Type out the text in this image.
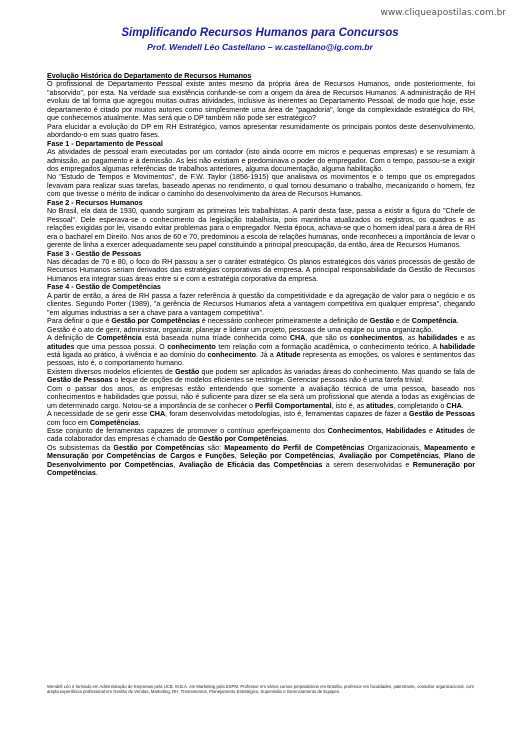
www.cliqueapostilas.com.br
Simplificando Recursos Humanos para Concursos
Prof. Wendell Léo Castellano – w.castellano@ig.com.br

Evolução Histórica do Departamento de Recursos Humanos

O profissional de Departamento Pessoal existe antes mesmo da própria área de Recursos Humanos, onde posteriormente, foi "absorvido", por esta. Na verdade sua existência confunde-se com a origem da área de Recursos Humanos. A administração de RH evoluiu de tal forma que agregou muitas outras atividades, inclusive às inerentes ao Departamento Pessoal, de modo que hoje, esse departamento é citado por muitos autores como simplesmente uma área de "pagadoria", longe da complexidade estratégica do RH, que conhecemos atualmente. Mas será que o DP também não pode ser estratégico?

Para elucidar a evolução do DP em RH Estratégico, vamos apresentar resumidamente os principais pontos deste desenvolvimento, abordando-o em suas quatro fases.

Fase 1 - Departamento de Pessoal

As atividades de pessoal eram executadas por um contador (isto ainda ocorre em micros e pequenas empresas) e se resumiam à admissão, ao pagamento e à demissão. As leis não existiam e predominava o poder do empregador. Com o tempo, passou-se a exigir dos empregados algumas referências de trabalhos anteriores, alguma documentação, alguma habilitação.

No "Estudo de Tempos e Movimentos", de F.W. Taylor (1856-1915) que analisava os movimentos e o tempo que os empregados levavam para realizar suas tarefas, baseado apenas no rendimento, o qual tornou desumano o trabalho, mecanizando o homem, fez com que tivesse o mérito de indicar o caminho do desenvolvimento da área de Recursos Humanos.

Fase 2 - Recursos Humanos

No Brasil, ela data de 1930, quando surgiram as primeiras leis trabalhistas. A partir desta fase, passa a existir a figura do "Chefe de Pessoal". Dele esperava-se o conhecimento da legislação trabalhista, pois mantinha atualizados os registros, os quadros e as relações exigidas por lei, visando evitar problemas para o empregador. Nesta época, achava-se que o homem ideal para a área de RH era o bacharel em Direito. Nos anos de 60 e 70, predominou a escola de relações humanas, onde reconheceu a importância de levar o gerente de linha a exercer adequadamente seu papel constituindo a principal preocupação, da então, área de Recursos Humanos.

Fase 3 - Gestão de Pessoas

Nas décadas de 70 e 80, o foco do RH passou a ser o caráter estratégico. Os planos estratégicos dos vários processos de gestão de Recursos Humanos seriam derivados das estratégias corporativas da empresa. A principal responsabilidade da Gestão de Recursos Humanos era integrar suas áreas entre si e com a estratégia corporativa da empresa.

Fase 4 - Gestão de Competências

A partir de então, a área de RH passa a fazer referência à questão da competitividade e da agregação de valor para o negócio e os clientes. Segundo Porter (1989), "a gerência de Recursos Humanos afeta a vantagem competitiva em qualquer empresa", chegando "em algumas industrias a ser a chave para a vantagem competitiva".

Para definir o que é Gestão por Competências é necessário conhecer primeiramente a definição de Gestão e de Competência.

Gestão é o ato de gerir, administrar, organizar, planejar e liderar um projeto, pessoas de uma equipe ou uma organização.

A definição de Competência está baseada numa tríade conhecida como CHA, que são os conhecimentos, as habilidades e as atitudes que uma pessoa possui. O conhecimento tem relação com a formação acadêmica, o conhecimento teórico. A habilidade está ligada ao prático, à vivência e ao domínio do conhecimento. Já a Atitude representa as emoções, os valores e sentimentos das pessoas, isto é, o comportamento humano.

Existem diversos modelos eficientes de Gestão que podem ser aplicados às variadas áreas do conhecimento. Mas quando se fala de Gestão de Pessoas o leque de opções de modelos eficientes se restringe. Gerenciar pessoas não é uma tarefa trivial.

Com o passar dos anos, as empresas estão entendendo que somente a avaliação técnica de uma pessoa, baseado nos conhecimentos e habilidades que possui, não é suficiente para dizer se ela será um profissional que atenda a todas as exigências de um determinado cargo. Notou-se a importância de se conhecer o Perfil Comportamental, isto é, as atitudes, completando o CHA.

A necessidade de se gerir esse CHA, foram desenvolvidas metodologias, isto é, ferramentas capazes de fazer a Gestão de Pessoas com foco em Competências.

Esse conjunto de ferramentas capazes de promover o contínuo aperfeiçoamento dos Conhecimentos, Habilidades e Atitudes de cada colaborador das empresas é chamado de Gestão por Competências.

Os subsistemas da Gestão por Competências são: Mapeamento do Perfil de Competências Organizacionais, Mapeamento e Mensuração por Competências de Cargos e Funções, Seleção por Competências, Avaliação por Competências, Plano de Desenvolvimento por Competências, Avaliação de Eficácia das Competências a serem desenvolvidas e Remuneração por Competências.

Wendell Léo é formado em Administração de Empresas pela UCB, M.B.A. em Marketing pela ESPM. Professor em vários cursos preparatórios em Brasília, professor em faculdades, palestrante, consultor organizacional, com ampla experiência profissional em Gestão de Vendas, Marketing, RH, Treinamentos, Planejamento Estratégico, Supervisão e Gerenciamento de Equipes.
